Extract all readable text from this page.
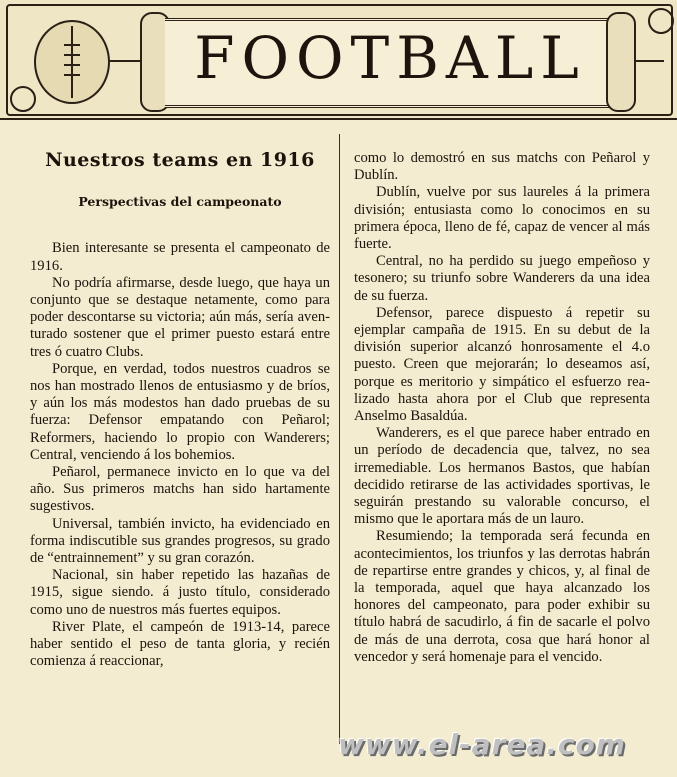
FOOTBALL

Nuestros teams en 1916

Perspectivas del campeonato

Bien interesante se presenta el campeonato de 1916.

No podría afirmarse, desde luego, que haya un conjunto que se destaque netamente, como para poder descontarse su victoria; aún más, sería aventurado sostener que el primer puesto estará entre tres ó cuatro Clubs.

Porque, en verdad, todos nuestros cuadros se nos han mostrado llenos de entusiasmo y de bríos, y aún los más modestos han dado pruebas de su fuerza: Defensor empatando con Peñarol; Reformers, haciendo lo propio con Wanderers; Central, venciendo á los bohemios.

Peñarol, permanece invicto en lo que va del año. Sus primeros matchs han sido hartamente sugestivos.

Universal, también invicto, ha evidenciado en forma indiscutible sus grandes progresos, su grado de “entrainnement” y su gran corazón.

Nacional, sin haber repetido las hazañas de 1915, sigue siendo. á justo título, considerado como uno de nuestros más fuertes equipos.

River Plate, el campeón de 1913-14, parece haber sentido el peso de tanta gloria, y recién comienza á reaccionar,

como lo demostró en sus matchs con Peñarol y Dublín.

Dublín, vuelve por sus laureles á la primera división; entusiasta como lo conocimos en su primera época, lleno de fé, capaz de vencer al más fuerte.

Central, no ha perdido su juego empeñoso y tesonero; su triunfo sobre Wanderers da una idea de su fuerza.

Defensor, parece dispuesto á repetir su ejemplar campaña de 1915. En su debut de la división superior alcanzó honrosamente el 4.o puesto. Creen que mejorarán; lo deseamos así, porque es meritorio y simpático el esfuerzo realizado hasta ahora por el Club que representa Anselmo Basaldúa.

Wanderers, es el que parece haber entrado en un período de decadencia que, talvez, no sea irremediable. Los hermanos Bastos, que habían decidido retirarse de las actividades sportivas, le seguirán prestando su valorable concurso, el mismo que le aportara más de un lauro.

Resumiendo; la temporada será fecunda en acontecimientos, los triunfos y las derrotas habrán de repartirse entre grandes y chicos, y, al final de la temporada, aquel que haya alcanzado los honores del campeonato, para poder exhibir su título habrá de sacudirlo, á fin de sacarle el polvo de más de una derrota, cosa que hará honor al vencedor y será homenaje para el vencido.

www.el-area.com
